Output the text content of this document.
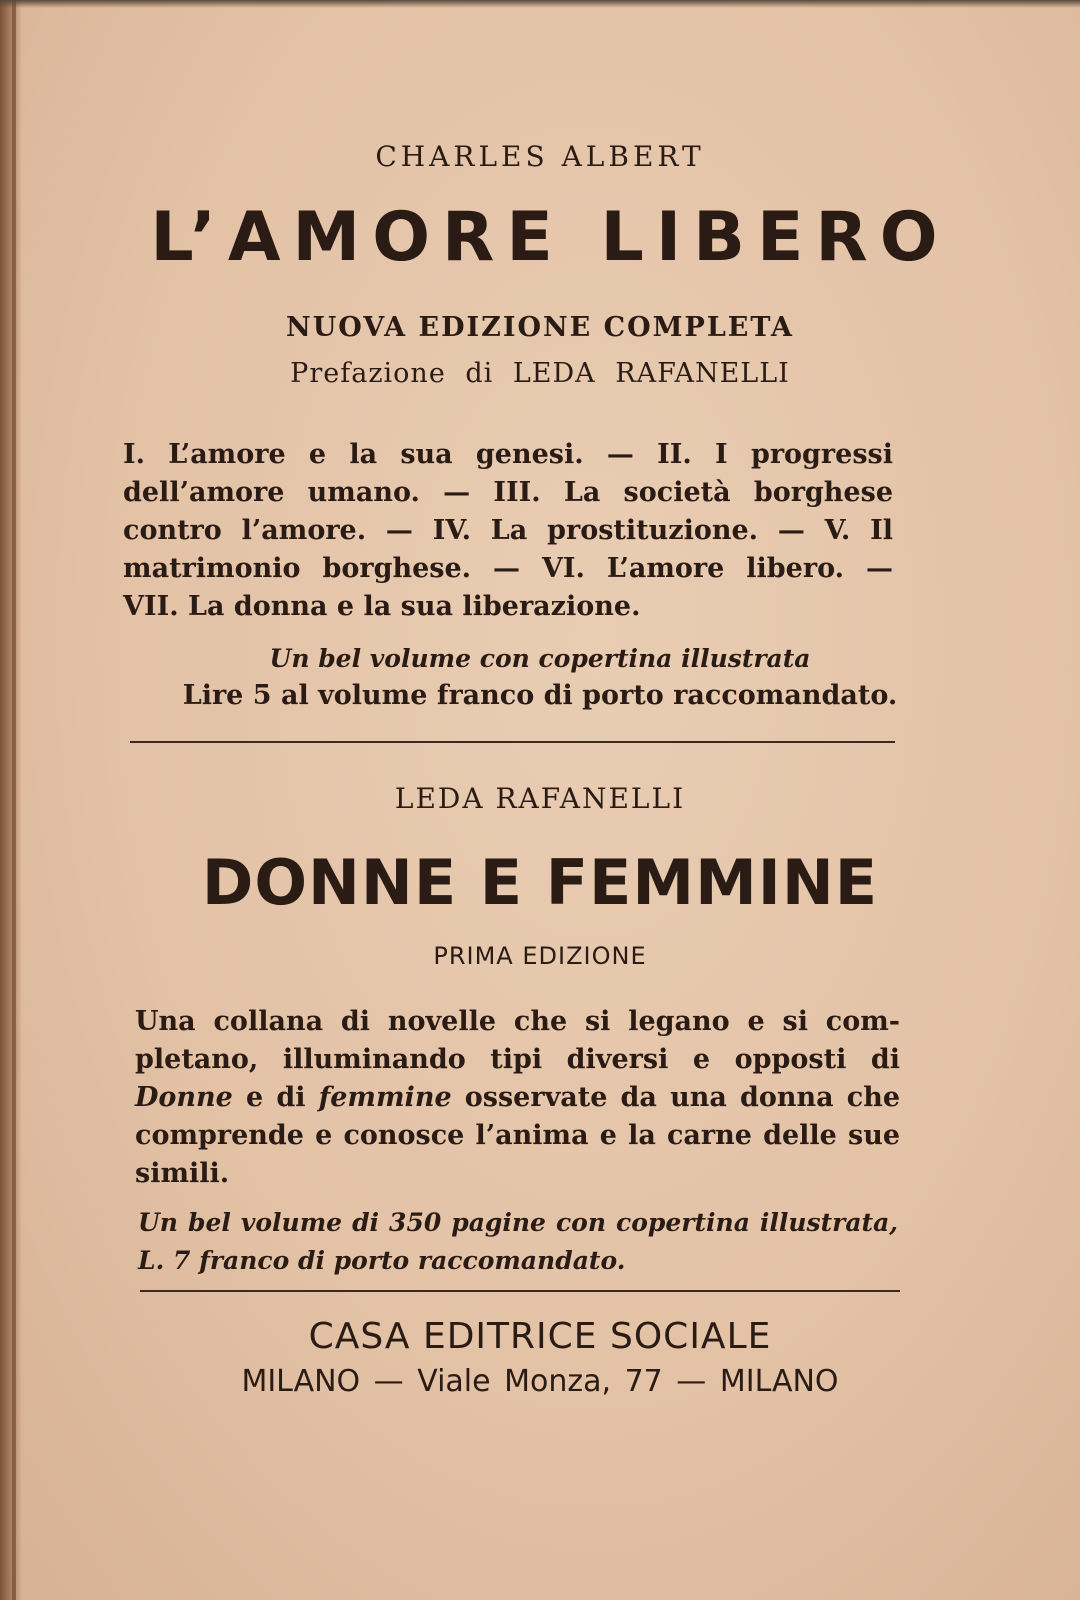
CHARLES ALBERT
L’AMORE LIBERO
NUOVA EDIZIONE COMPLETA
Prefazione di LEDA RAFANELLI
I. L’amore e la sua genesi. — II. I progressi
dell’amore umano. — III. La società borghese
contro l’amore. — IV. La prostituzione. — V. Il
matrimonio borghese. — VI. L’amore libero. —
VII. La donna e la sua liberazione.
Un bel volume con copertina illustrata
Lire 5 al volume franco di porto raccomandato.
LEDA RAFANELLI
DONNE E FEMMINE
PRIMA EDIZIONE
Una collana di novelle che si legano e si com-
pletano, illuminando tipi diversi e opposti di
Donne e di femmine osservate da una donna che
comprende e conosce l’anima e la carne delle sue
simili.
Un bel volume di 350 pagine con copertina illustrata,
L. 7 franco di porto raccomandato.
CASA EDITRICE SOCIALE
MILANO — Viale Monza, 77 — MILANO
